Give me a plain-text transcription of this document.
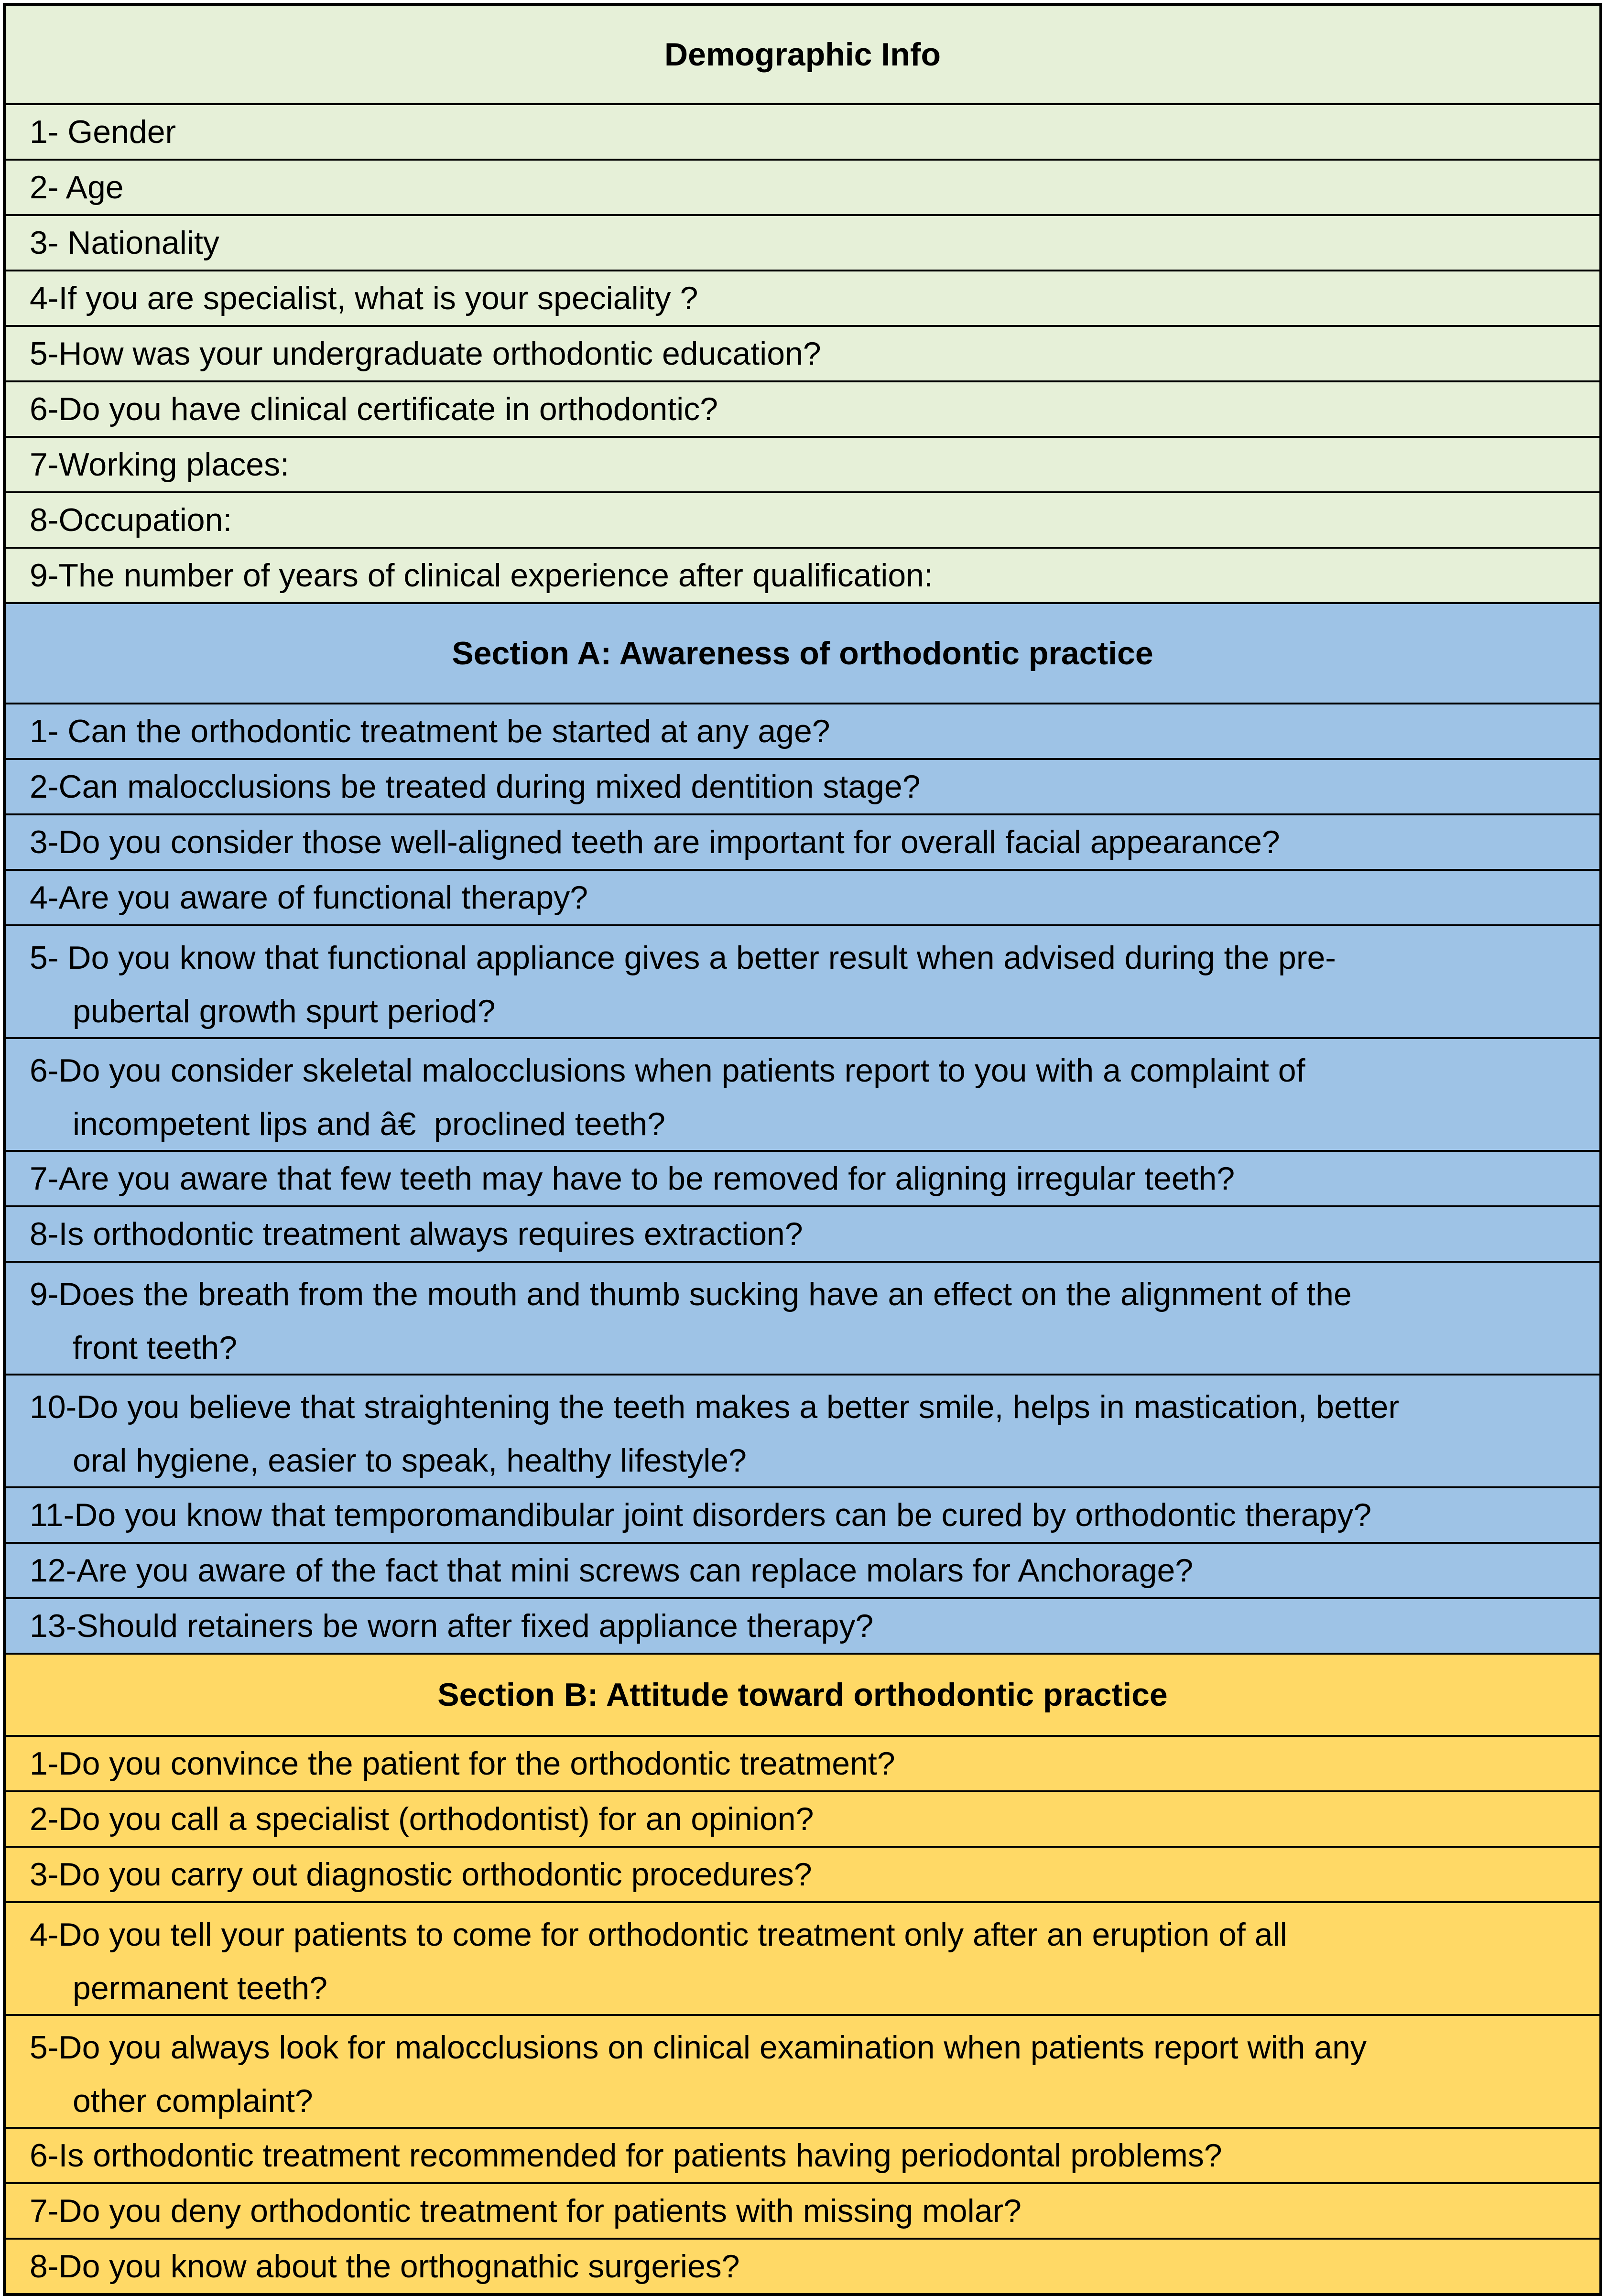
Demographic Info
1- Gender
2- Age
3- Nationality
4-If you are specialist, what is your speciality ?
5-How was your undergraduate orthodontic education?
6-Do you have clinical certificate in orthodontic?
7-Working places:
8-Occupation:
9-The number of years of clinical experience after qualification:
Section A: Awareness of orthodontic practice
1- Can the orthodontic treatment be started at any age?
2-Can malocclusions be treated during mixed dentition stage?
3-Do you consider those well-aligned teeth are important for overall facial appearance?
4-Are you aware of functional therapy?
5- Do you know that functional appliance gives a better result when advised during the pre-
pubertal growth spurt period?
6-Do you consider skeletal malocclusions when patients report to you with a complaint of
incompetent lips and â€  proclined teeth?
7-Are you aware that few teeth may have to be removed for aligning irregular teeth?
8-Is orthodontic treatment always requires extraction?
9-Does the breath from the mouth and thumb sucking have an effect on the alignment of the
front teeth?
10-Do you believe that straightening the teeth makes a better smile, helps in mastication, better
oral hygiene, easier to speak, healthy lifestyle?
11-Do you know that temporomandibular joint disorders can be cured by orthodontic therapy?
12-Are you aware of the fact that mini screws can replace molars for Anchorage?
13-Should retainers be worn after fixed appliance therapy?
Section B: Attitude toward orthodontic practice
1-Do you convince the patient for the orthodontic treatment?
2-Do you call a specialist (orthodontist) for an opinion?
3-Do you carry out diagnostic orthodontic procedures?
4-Do you tell your patients to come for orthodontic treatment only after an eruption of all
permanent teeth?
5-Do you always look for malocclusions on clinical examination when patients report with any
other complaint?
6-Is orthodontic treatment recommended for patients having periodontal problems?
7-Do you deny orthodontic treatment for patients with missing molar?
8-Do you know about the orthognathic surgeries?
